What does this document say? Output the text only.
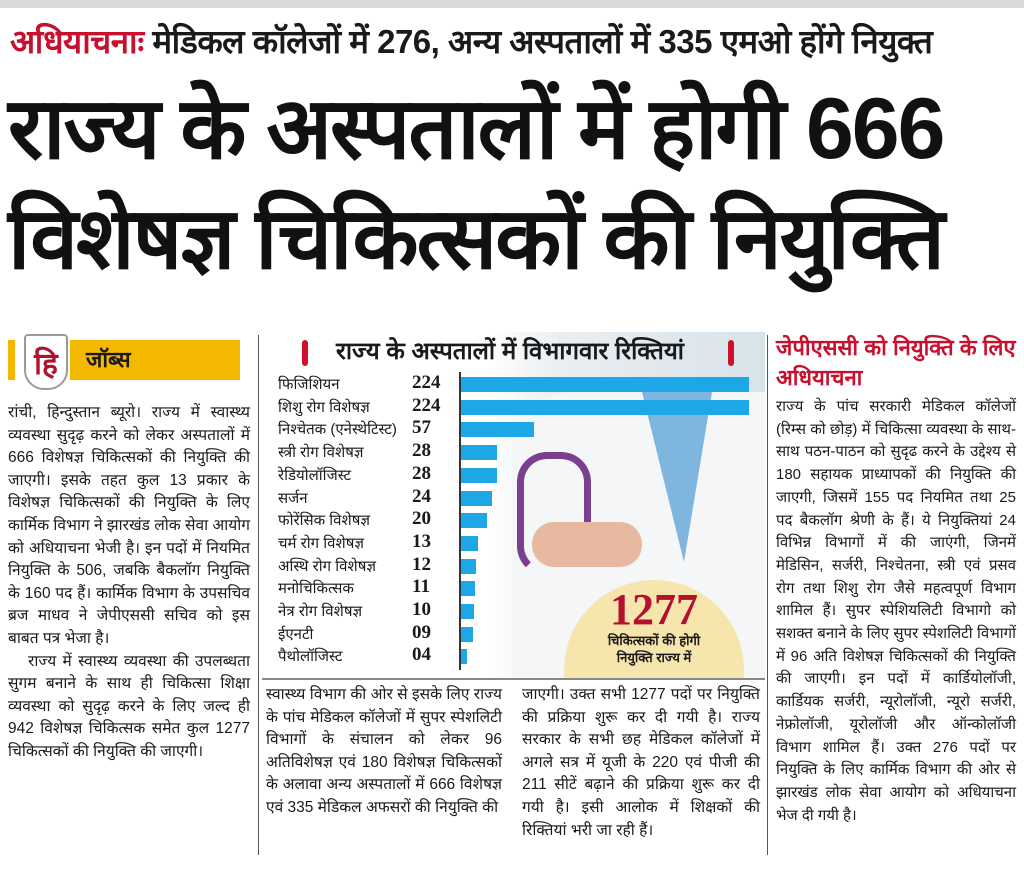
अधियाचनाः मेडिकल कॉलेजों में 276, अन्य अस्पतालों में 335 एमओ होंगे नियुक्त
राज्य के अस्पतालों में होगी 666
विशेषज्ञ चिकित्सकों की नियुक्ति
हि	जॉब्स

रांची, हिन्दुस्तान ब्यूरो। राज्य में स्वास्थ्य व्यवस्था सुदृढ़ करने को लेकर अस्पतालों में 666 विशेषज्ञ चिकित्सकों की नियुक्ति की जाएगी। इसके तहत कुल 13 प्रकार के विशेषज्ञ चिकित्सकों की नियुक्ति के लिए कार्मिक विभाग ने झारखंड लोक सेवा आयोग को अधियाचना भेजी है। इन पदों में नियमित नियुक्ति के 506, जबकि बैकलॉग नियुक्ति के 160 पद हैं। कार्मिक विभाग के उपसचिव ब्रज माधव ने जेपीएससी सचिव को इस बाबत पत्र भेजा है।

राज्य में स्वास्थ्य व्यवस्था की उपलब्धता सुगम बनाने के साथ ही चिकित्सा शिक्षा व्यवस्था को सुदृढ़ करने के लिए जल्द ही 942 विशेषज्ञ चिकित्सक समेत कुल 1277 चिकित्सकों की नियुक्ति की जाएगी।

राज्य के अस्पतालों में विभागवार रिक्तियां
फिजिशियन	224
शिशु रोग विशेषज्ञ 224
निश्चेतक (एनेस्थेटिस्ट) 57
स्त्री रोग विशेषज्ञ	28
रेडियोलॉजिस्ट	28
सर्जन	24
फोरेंसिक विशेषज्ञ 20
चर्म रोग विशेषज्ञ	13
अस्थि रोग विशेषज्ञ 12
मनोचिकित्सक	11
नेत्र रोग विशेषज्ञ	10
ईएनटी	09
पैथोलॉजिस्ट	04
1277
चिकित्सकों की होगी
नियुक्ति राज्य में

स्वास्थ्य विभाग की ओर से इसके लिए राज्य के पांच मेडिकल कॉलेजों में सुपर स्पेशलिटी विभागों के संचालन को लेकर 96 अतिविशेषज्ञ एवं 180 विशेषज्ञ चिकित्सकों के अलावा अन्य अस्पतालों में 666 विशेषज्ञ एवं 335 मेडिकल अफसरों की नियुक्ति की

जाएगी। उक्त सभी 1277 पदों पर नियुक्ति की प्रक्रिया शुरू कर दी गयी है। राज्य सरकार के सभी छह मेडिकल कॉलेजों में अगले सत्र में यूजी के 220 एवं पीजी की 211 सीटें बढ़ाने की प्रक्रिया शुरू कर दी गयी है। इसी आलोक में शिक्षकों की रिक्तियां भरी जा रही हैं।

जेपीएससी को नियुक्ति के लिए अधियाचना

राज्य के पांच सरकारी मेडिकल कॉलेजों (रिम्स को छोड़) में चिकित्सा व्यवस्था के साथ-साथ पठन-पाठन को सुदृढ करने के उद्देश्य से 180 सहायक प्राध्यापकों की नियुक्ति की जाएगी, जिसमें 155 पद नियमित तथा 25 पद बैकलॉग श्रेणी के हैं। ये नियुक्तियां 24 विभिन्न विभागों में की जाएंगी, जिनमें मेडिसिन, सर्जरी, निश्चेतना, स्त्री एवं प्रसव रोग तथा शिशु रोग जैसे महत्वपूर्ण विभाग शामिल हैं। सुपर स्पेशियलिटी विभागो को सशक्त बनाने के लिए सुपर स्पेशलिटी विभागों में 96 अति विशेषज्ञ चिकित्सकों की नियुक्ति की जाएगी। इन पदों में कार्डियोलॉजी, कार्डियक सर्जरी, न्यूरोलॉजी, न्यूरो सर्जरी, नेफ्रोलॉजी, यूरोलॉजी और ऑन्कोलॉजी विभाग शामिल हैं। उक्त 276 पदों पर नियुक्ति के लिए कार्मिक विभाग की ओर से झारखंड लोक सेवा आयोग को अधियाचना भेज दी गयी है।
